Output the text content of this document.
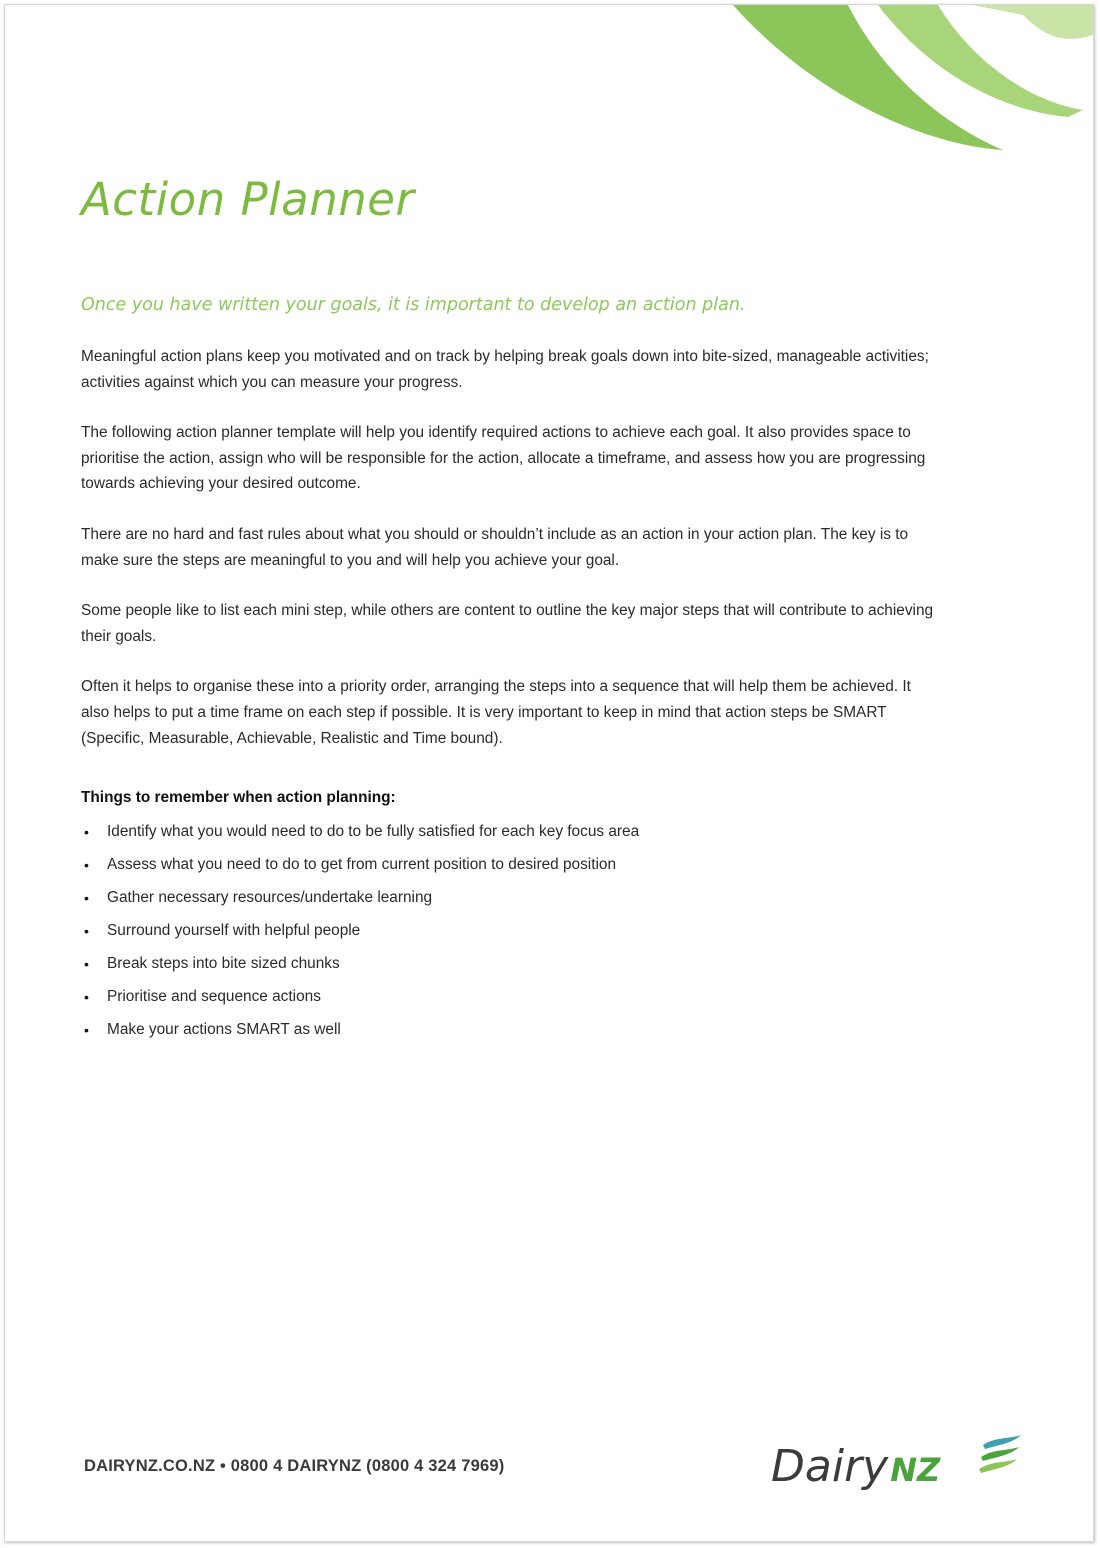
Action Planner

Once you have written your goals, it is important to develop an action plan.

Meaningful action plans keep you motivated and on track by helping break goals down into bite-sized, manageable activities; activities against which you can measure your progress.

The following action planner template will help you identify required actions to achieve each goal. It also provides space to prioritise the action, assign who will be responsible for the action, allocate a timeframe, and assess how you are progressing towards achieving your desired outcome.

There are no hard and fast rules about what you should or shouldn’t include as an action in your action plan. The key is to make sure the steps are meaningful to you and will help you achieve your goal.

Some people like to list each mini step, while others are content to outline the key major steps that will contribute to achieving their goals.

Often it helps to organise these into a priority order, arranging the steps into a sequence that will help them be achieved. It also helps to put a time frame on each step if possible. It is very important to keep in mind that action steps be SMART (Specific, Measurable, Achievable, Realistic and Time bound).

Things to remember when action planning:
• Identify what you would need to do to be fully satisfied for each key focus area
• Assess what you need to do to get from current position to desired position
• Gather necessary resources/undertake learning
• Surround yourself with helpful people
• Break steps into bite sized chunks
• Prioritise and sequence actions
• Make your actions SMART as well

DAIRYNZ.CO.NZ • 0800 4 DAIRYNZ (0800 4 324 7969)	DairyNZ
